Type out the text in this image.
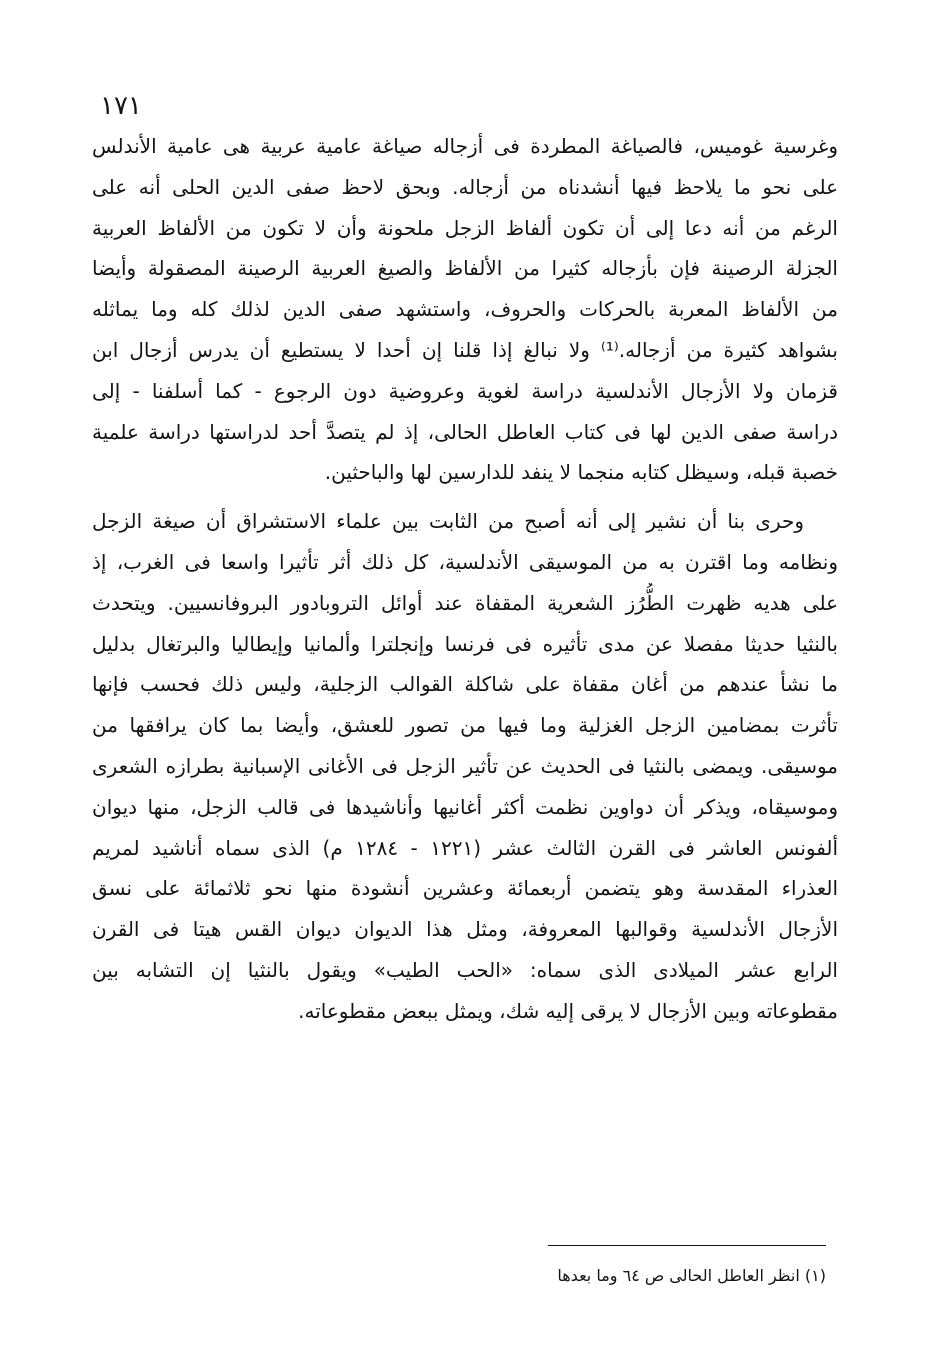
١٧١
وغرسية غوميس، فالصياغة المطردة فى أزجاله صياغة عامية عربية هى عامية الأندلس
على نحو ما يلاحظ فيها أنشدناه من أزجاله. وبحق لاحظ صفى الدين الحلى أنه على
الرغم من أنه دعا إلى أن تكون ألفاظ الزجل ملحونة وأن لا تكون من الألفاظ العربية
الجزلة الرصينة فإن بأزجاله كثيرا من الألفاظ والصيغ العربية الرصينة المصقولة وأيضا
من الألفاظ المعربة بالحركات والحروف، واستشهد صفى الدين لذلك كله وما يماثله
بشواهد كثيرة من أزجاله.⁽¹⁾ ولا نبالغ إذا قلنا إن أحدا لا يستطيع أن يدرس أزجال ابن
قزمان ولا الأزجال الأندلسية دراسة لغوية وعروضية دون الرجوع - كما أسلفنا - إلى
دراسة صفى الدين لها فى كتاب العاطل الحالى، إذ لم يتصدَّ أحد لدراستها دراسة علمية
خصبة قبله، وسيظل كتابه منجما لا ينفد للدارسين لها والباحثين.
وحرى بنا أن نشير إلى أنه أصبح من الثابت بين علماء الاستشراق أن صيغة الزجل
ونظامه وما اقترن به من الموسيقى الأندلسية، كل ذلك أثر تأثيرا واسعا فى الغرب، إذ
على هديه ظهرت الطُّرُز الشعرية المقفاة عند أوائل التروبادور البروفانسيين. ويتحدث
بالنثيا حديثا مفصلا عن مدى تأثيره فى فرنسا وإنجلترا وألمانيا وإيطاليا والبرتغال بدليل
ما نشأ عندهم من أغان مقفاة على شاكلة القوالب الزجلية، وليس ذلك فحسب فإنها
تأثرت بمضامين الزجل الغزلية وما فيها من تصور للعشق، وأيضا بما كان يرافقها من
موسيقى. ويمضى بالنثيا فى الحديث عن تأثير الزجل فى الأغانى الإسبانية بطرازه الشعرى
وموسيقاه، ويذكر أن دواوين نظمت أكثر أغانيها وأناشيدها فى قالب الزجل، منها ديوان
ألفونس العاشر فى القرن الثالث عشر (١٢٢١ - ١٢٨٤ م) الذى سماه أناشيد لمريم
العذراء المقدسة وهو يتضمن أربعمائة وعشرين أنشودة منها نحو ثلاثمائة على نسق
الأزجال الأندلسية وقوالبها المعروفة، ومثل هذا الديوان ديوان القس هيتا فى القرن
الرابع عشر الميلادى الذى سماه: «الحب الطيب» ويقول بالنثيا إن التشابه بين
مقطوعاته وبين الأزجال لا يرقى إليه شك، ويمثل ببعض مقطوعاته.
(١) انظر العاطل الحالى ص ٦٤ وما بعدها
